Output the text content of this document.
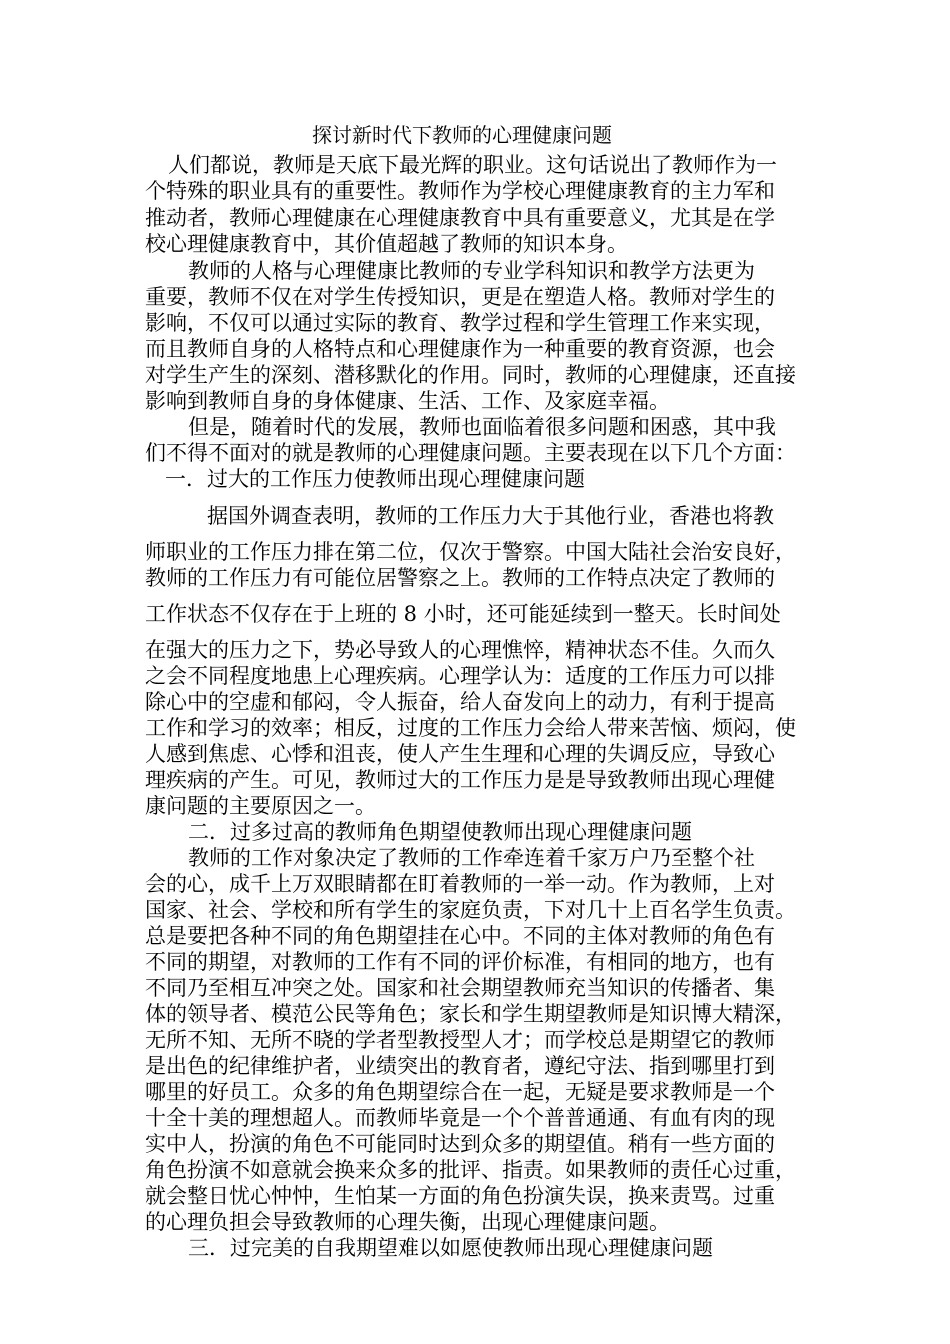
探讨新时代下教师的心理健康问题
人们都说，教师是天底下最光辉的职业。这句话说出了教师作为一
个特殊的职业具有的重要性。教师作为学校心理健康教育的主力军和
推动者，教师心理健康在心理健康教育中具有重要意义，尤其是在学
校心理健康教育中，其价值超越了教师的知识本身。
教师的人格与心理健康比教师的专业学科知识和教学方法更为
重要，教师不仅在对学生传授知识，更是在塑造人格。教师对学生的
影响，不仅可以通过实际的教育、教学过程和学生管理工作来实现，
而且教师自身的人格特点和心理健康作为一种重要的教育资源，也会
对学生产生的深刻、潜移默化的作用。同时，教师的心理健康，还直接
影响到教师自身的身体健康、生活、工作、及家庭幸福。
但是，随着时代的发展，教师也面临着很多问题和困惑，其中我
们不得不面对的就是教师的心理健康问题。主要表现在以下几个方面：
一．过大的工作压力使教师出现心理健康问题
据国外调查表明，教师的工作压力大于其他行业，香港也将教
师职业的工作压力排在第二位，仅次于警察。中国大陆社会治安良好，
教师的工作压力有可能位居警察之上。教师的工作特点决定了教师的
工作状态不仅存在于上班的 8 小时，还可能延续到一整天。长时间处
在强大的压力之下，势必导致人的心理憔悴，精神状态不佳。久而久
之会不同程度地患上心理疾病。心理学认为：适度的工作压力可以排
除心中的空虚和郁闷，令人振奋，给人奋发向上的动力，有利于提高
工作和学习的效率；相反，过度的工作压力会给人带来苦恼、烦闷，使
人感到焦虑、心悸和沮丧，使人产生生理和心理的失调反应，导致心
理疾病的产生。可见，教师过大的工作压力是是导致教师出现心理健
康问题的主要原因之一。
二．过多过高的教师角色期望使教师出现心理健康问题
教师的工作对象决定了教师的工作牵连着千家万户乃至整个社
会的心，成千上万双眼睛都在盯着教师的一举一动。作为教师，上对
国家、社会、学校和所有学生的家庭负责，下对几十上百名学生负责。
总是要把各种不同的角色期望挂在心中。不同的主体对教师的角色有
不同的期望，对教师的工作有不同的评价标准，有相同的地方，也有
不同乃至相互冲突之处。国家和社会期望教师充当知识的传播者、集
体的领导者、模范公民等角色；家长和学生期望教师是知识博大精深，
无所不知、无所不晓的学者型教授型人才；而学校总是期望它的教师
是出色的纪律维护者，业绩突出的教育者，遵纪守法、指到哪里打到
哪里的好员工。众多的角色期望综合在一起，无疑是要求教师是一个
十全十美的理想超人。而教师毕竟是一个个普普通通、有血有肉的现
实中人，扮演的角色不可能同时达到众多的期望值。稍有一些方面的
角色扮演不如意就会换来众多的批评、指责。如果教师的责任心过重，
就会整日忧心忡忡，生怕某一方面的角色扮演失误，换来责骂。过重
的心理负担会导致教师的心理失衡，出现心理健康问题。
三．过完美的自我期望难以如愿使教师出现心理健康问题
